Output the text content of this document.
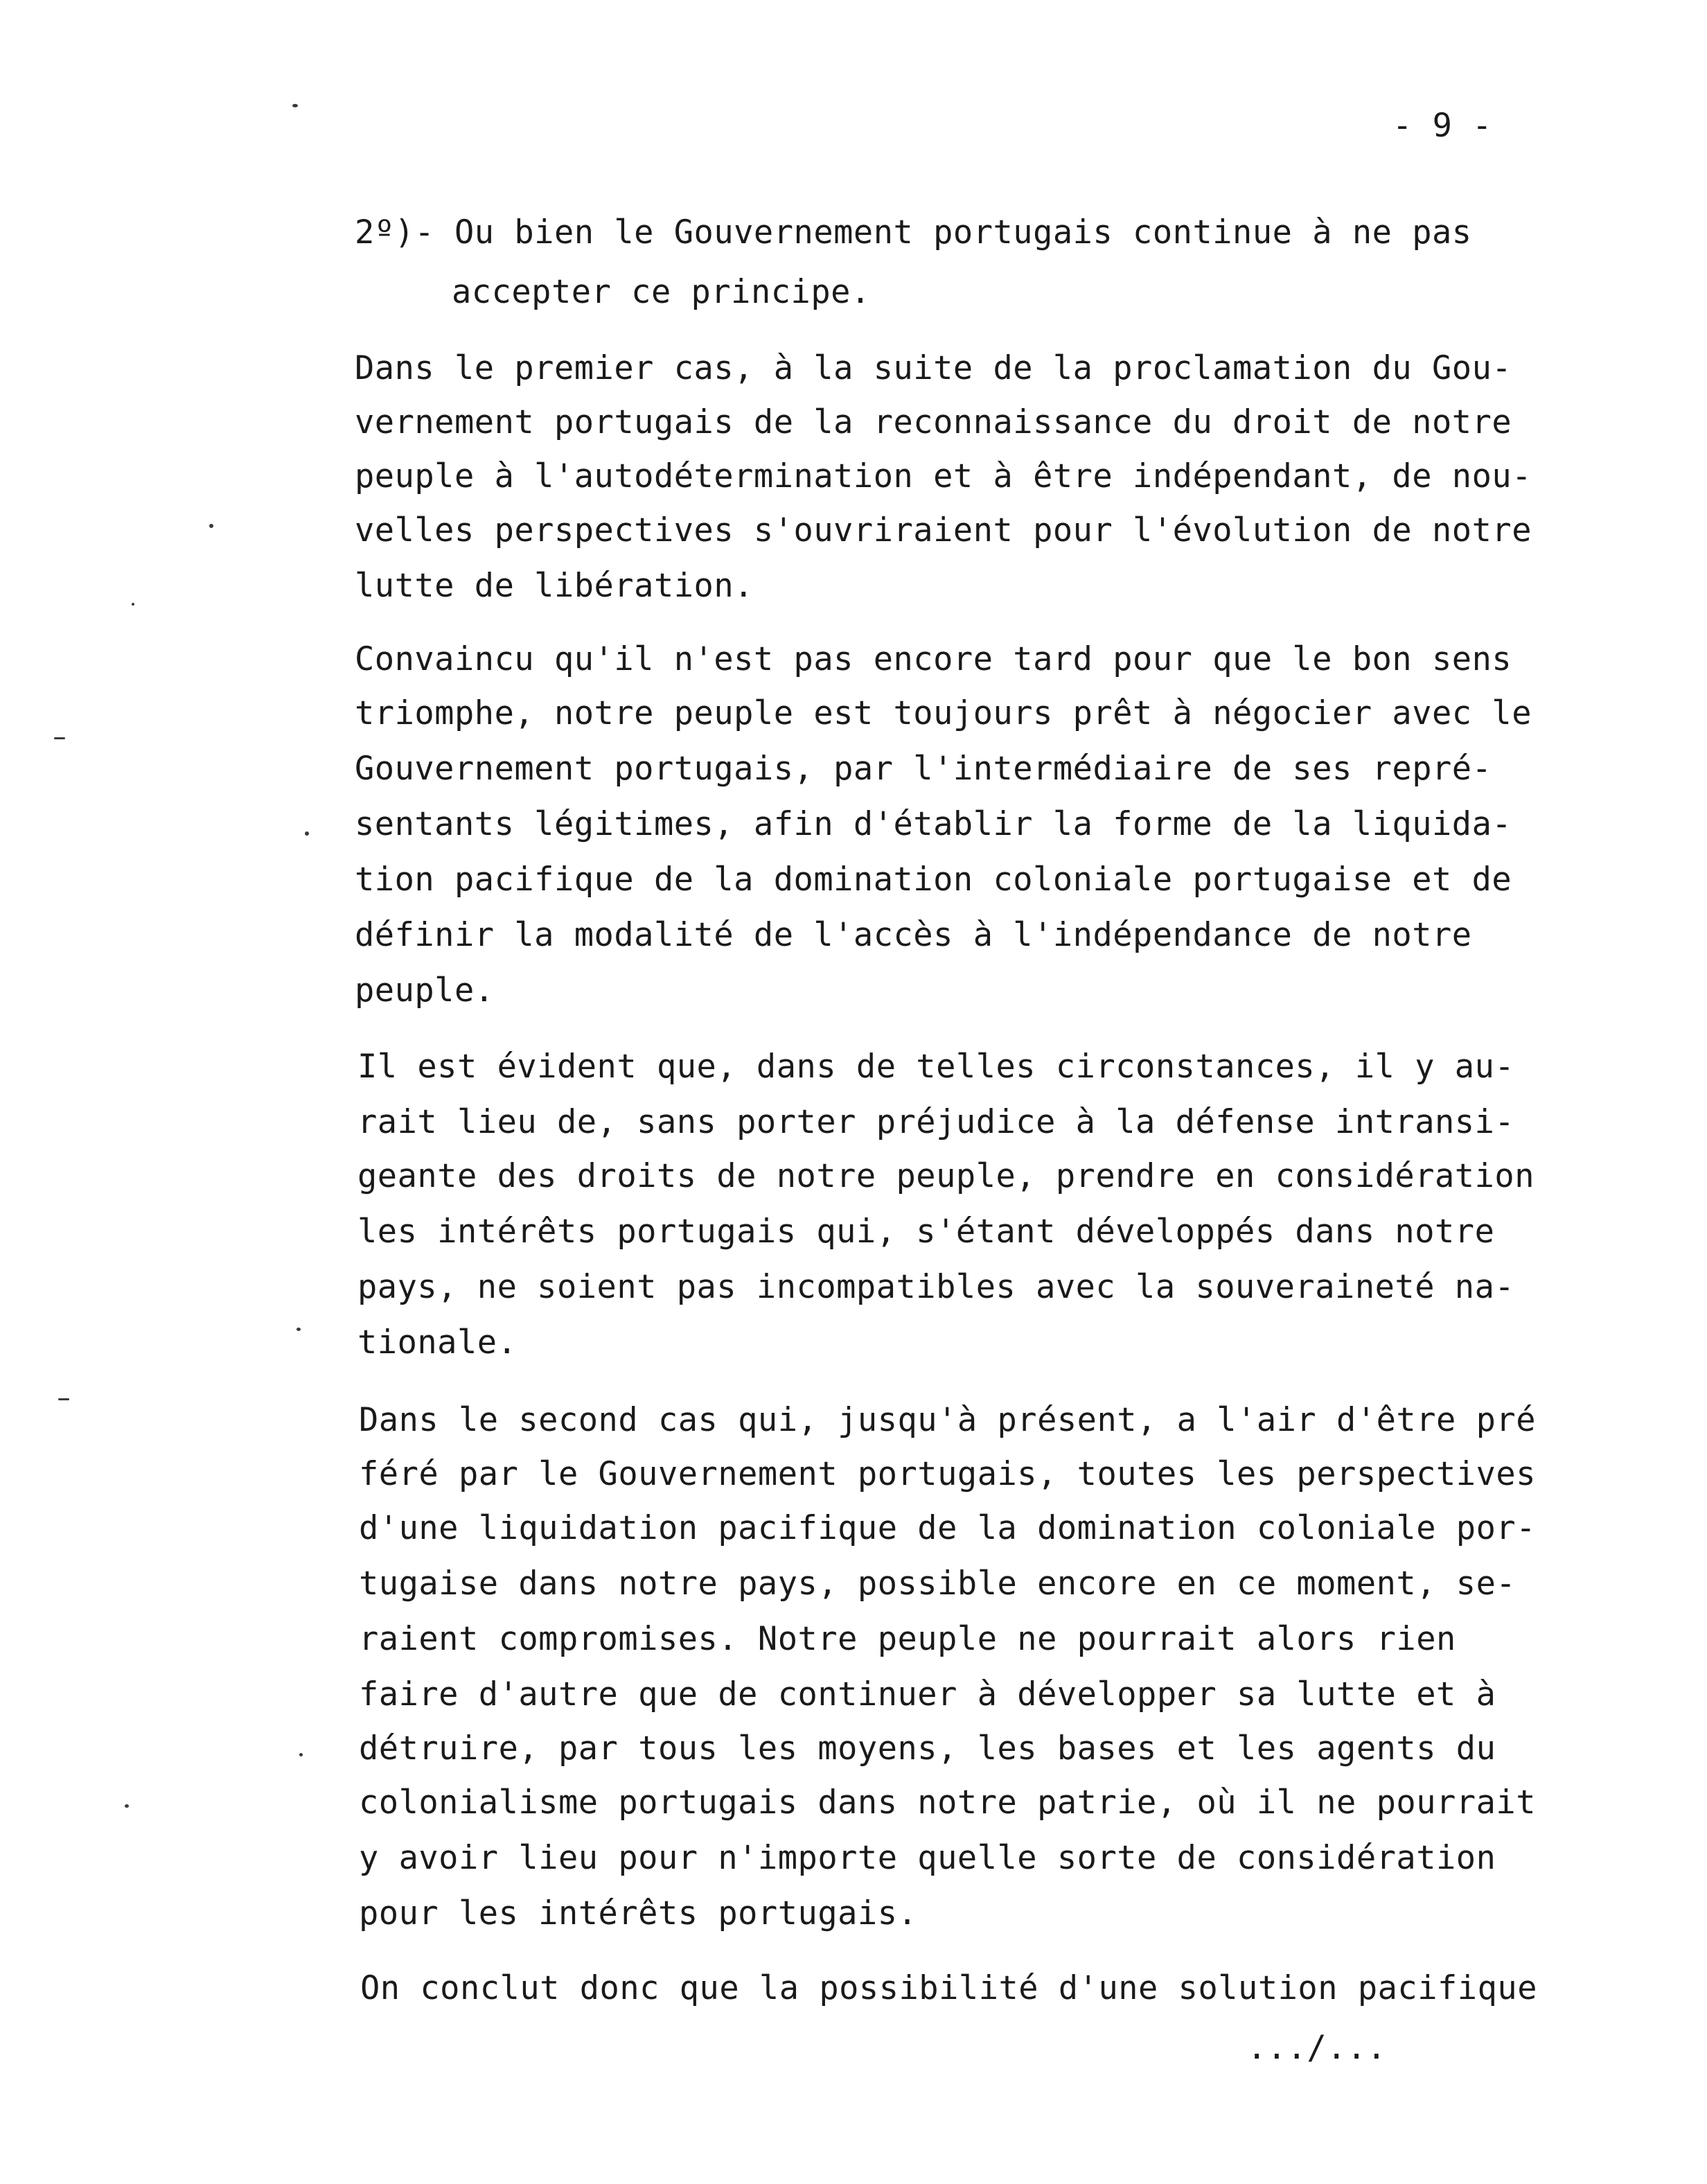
- 9 -
2º)- Ou bien le Gouvernement portugais continue à ne pas
accepter ce principe.
Dans le premier cas, à la suite de la proclamation du Gou-
vernement portugais de la reconnaissance du droit de notre
peuple à l'autodétermination et à être indépendant, de nou-
velles perspectives s'ouvriraient pour l'évolution de notre
lutte de libération.
Convaincu qu'il n'est pas encore tard pour que le bon sens
triomphe, notre peuple est toujours prêt à négocier avec le
Gouvernement portugais, par l'intermédiaire de ses repré-
sentants légitimes, afin d'établir la forme de la liquida-
tion pacifique de la domination coloniale portugaise et de
définir la modalité de l'accès à l'indépendance de notre
peuple.
Il est évident que, dans de telles circonstances, il y au-
rait lieu de, sans porter préjudice à la défense intransi-
geante des droits de notre peuple, prendre en considération
les intérêts portugais qui, s'étant développés dans notre
pays, ne soient pas incompatibles avec la souveraineté na-
tionale.
Dans le second cas qui, jusqu'à présent, a l'air d'être pré
féré par le Gouvernement portugais, toutes les perspectives
d'une liquidation pacifique de la domination coloniale por-
tugaise dans notre pays, possible encore en ce moment, se-
raient compromises. Notre peuple ne pourrait alors rien
faire d'autre que de continuer à développer sa lutte et à
détruire, par tous les moyens, les bases et les agents du
colonialisme portugais dans notre patrie, où il ne pourrait
y avoir lieu pour n'importe quelle sorte de considération
pour les intérêts portugais.
On conclut donc que la possibilité d'une solution pacifique
.../...
